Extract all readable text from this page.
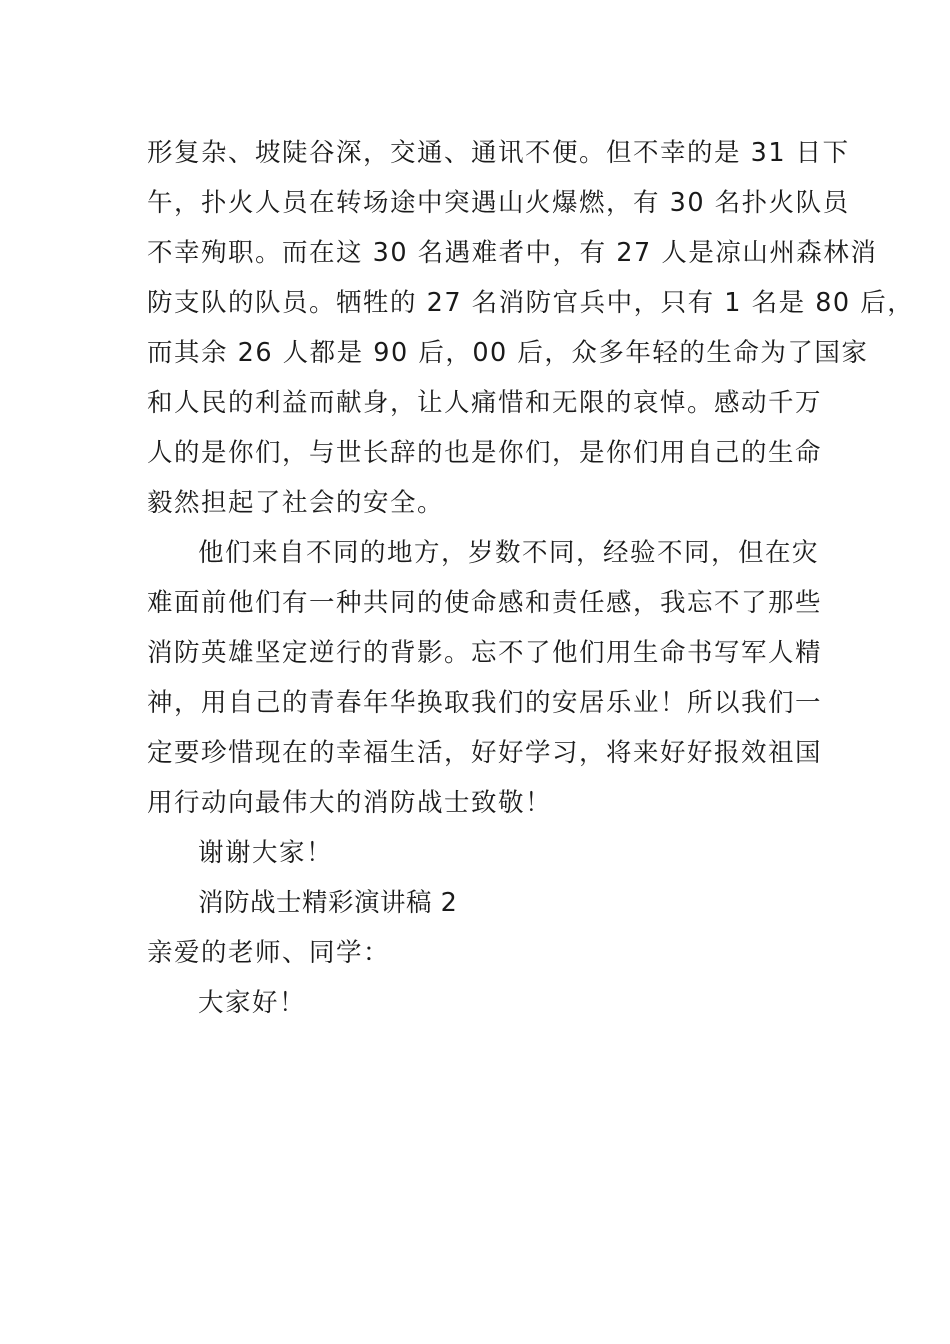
形复杂、坡陡谷深，交通、通讯不便。但不幸的是 31 日下
午，扑火人员在转场途中突遇山火爆燃，有 30 名扑火队员
不幸殉职。而在这 30 名遇难者中，有 27 人是凉山州森林消
防支队的队员。牺牲的 27 名消防官兵中，只有 1 名是 80 后，
而其余 26 人都是 90 后，00 后，众多年轻的生命为了国家
和人民的利益而献身，让人痛惜和无限的哀悼。感动千万
人的是你们，与世长辞的也是你们，是你们用自己的生命
毅然担起了社会的安全。
他们来自不同的地方，岁数不同，经验不同，但在灾
难面前他们有一种共同的使命感和责任感，我忘不了那些
消防英雄坚定逆行的背影。忘不了他们用生命书写军人精
神，用自己的青春年华换取我们的安居乐业！所以我们一
定要珍惜现在的幸福生活，好好学习，将来好好报效祖国
用行动向最伟大的消防战士致敬！
谢谢大家！
消防战士精彩演讲稿 2
亲爱的老师、同学：
大家好！
